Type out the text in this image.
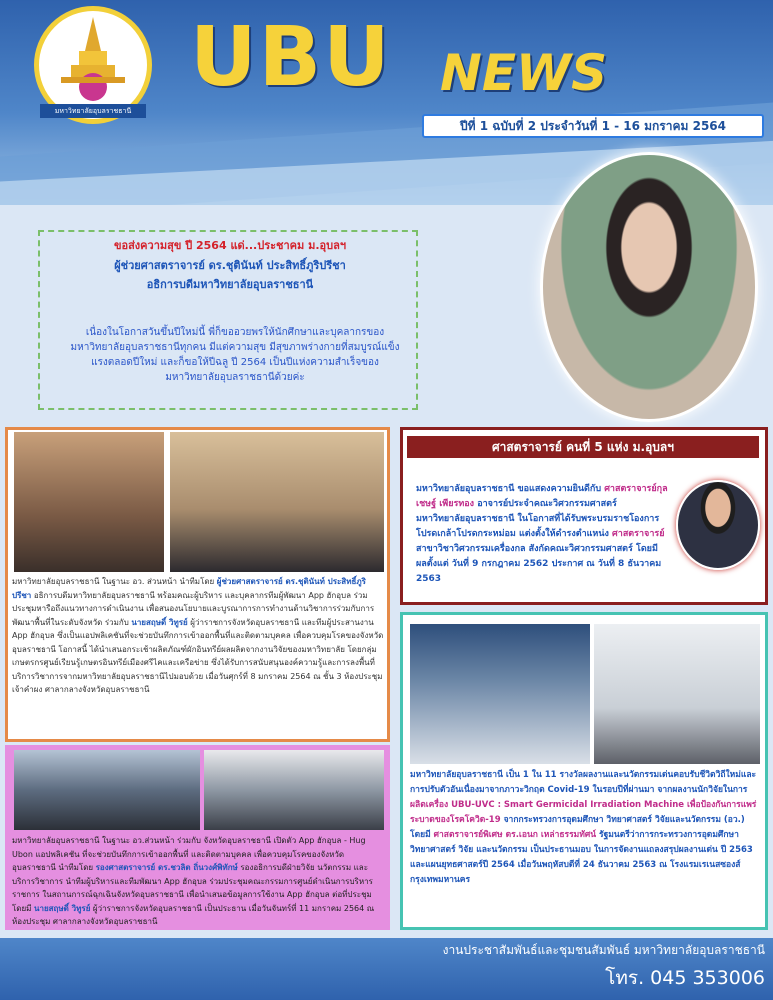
มหาวิทยาลัยอุบลราชธานี
UBU NEWS
ปีที่ 1 ฉบับที่ 2 ประจำวันที่ 1 - 16 มกราคม 2564
ขอส่งความสุข ปี 2564 แด่...ประชาคม ม.อุบลฯ
ผู้ช่วยศาสตราจารย์ ดร.ชุตินันท์ ประสิทธิ์ภูริปรีชา
อธิการบดีมหาวิทยาลัยอุบลราชธานี
เนื่องในโอกาสวันขึ้นปีใหม่นี้ พี่ก็ขออวยพรให้นักศึกษาและบุคลากรของมหาวิทยาลัยอุบลราชธานีทุกคน มีแต่ความสุข มีสุขภาพร่างกายที่สมบูรณ์แข็งแรงตลอดปีใหม่ และก็ขอให้ปีฉลู ปี 2564 เป็นปีแห่งความสำเร็จของมหาวิทยาลัยอุบลราชธานีด้วยค่ะ
มหาวิทยาลัยอุบลราชธานี ในฐานะ อว. ส่วนหน้า นำทีมโดย ผู้ช่วยศาสตราจารย์ ดร.ชุตินันท์ ประสิทธิ์ภูริปรีชา อธิการบดีมหาวิทยาลัยอุบลราชธานี พร้อมคณะผู้บริหาร และบุคลากรทีมผู้พัฒนา App ฮักอุบล ร่วมประชุมหารือถึงแนวทางการดำเนินงาน เพื่อสนองนโยบายและบูรณาการการทำงานด้านวิชาการร่วมกับการพัฒนาพื้นที่ในระดับจังหวัด ร่วมกับ นายสฤษดิ์ วิทูรย์ ผู้ว่าราชการจังหวัดอุบลราชธานี และทีมผู้ประสานงาน App ฮักอุบล ซึ่งเป็นแอปพลิเคชันที่จะช่วยบันทึกการเข้าออกพื้นที่และติดตามบุคคล เพื่อควบคุมโรคของจังหวัดอุบลราชธานี โอกาสนี้ ได้นำเสนอกระเช้าผลิตภัณฑ์ผักอินทรีย์ผลผลิตจากงานวิจัยของมหาวิทยาลัย โดยกลุ่มเกษตรกรศูนย์เรียนรู้เกษตรอินทรีย์เมืองศรีไคและเครือข่าย ซึ่งได้รับการสนับสนุนองค์ความรู้และการลงพื้นที่บริการวิชาการจากมหาวิทยาลัยอุบลราชธานีไปมอบด้วย เมื่อวันศุกร์ที่ 8 มกราคม 2564 ณ ชั้น 3 ห้องประชุมเจ้าคำผง ศาลากลางจังหวัดอุบลราชธานี
ศาสตราจารย์ คนที่ 5 แห่ง ม.อุบลฯ
มหาวิทยาลัยอุบลราชธานี ขอแสดงความยินดีกับ ศาสตราจารย์กุลเชษฐ์ เพียรทอง อาจารย์ประจำคณะวิศวกรรมศาสตร์ มหาวิทยาลัยอุบลราชธานี ในโอกาสที่ได้รับพระบรมราชโองการโปรดเกล้าโปรดกระหม่อม แต่งตั้งให้ดำรงตำแหน่ง ศาสตราจารย์ สาขาวิชาวิศวกรรมเครื่องกล สังกัดคณะวิศวกรรมศาสตร์ โดยมีผลตั้งแต่ วันที่ 9 กรกฎาคม 2562 ประกาศ ณ วันที่ 8 ธันวาคม 2563
มหาวิทยาลัยอุบลราชธานี เป็น 1 ใน 11 รางวัลผลงานและนวัตกรรมเด่นคอบรับชีวิตวิถีใหม่และการปรับตัวอันเนื่องมาจากภาวะวิกฤต Covid-19 ในรอบปีที่ผ่านมา จากผลงานนักวิจัยในการผลิตเครื่อง UBU-UVC : Smart Germicidal Irradiation Machine เพื่อป้องกันการแพร่ระบาดของโรคโควิด-19 จากกระทรวงการอุดมศึกษา วิทยาศาสตร์ วิจัยและนวัตกรรม (อว.) โดยมี ศาสตราจารย์พิเศษ ดร.เอนก เหล่าธรรมทัศน์ รัฐมนตรีว่าการกระทรวงการอุดมศึกษา วิทยาศาสตร์ วิจัย และนวัตกรรม เป็นประธานมอบ ในการจัดงานแถลงสรุปผลงานเด่น ปี 2563 และแผนยุทธศาสตร์ปี 2564 เมื่อวันพฤหัสบดีที่ 24 ธันวาคม 2563 ณ โรงแรมเรเนสซองส์ กรุงเทพมหานคร
มหาวิทยาลัยอุบลราชธานี ในฐานะ อว.ส่วนหน้า ร่วมกับ จังหวัดอุบลราชธานี เปิดตัว App ฮักอุบล - Hug Ubon แอปพลิเคชัน ที่จะช่วยบันทึกการเข้าออกพื้นที่ และติดตามบุคคล เพื่อควบคุมโรคของจังหวัดอุบลราชธานี นำทีมโดย รองศาสตราจารย์ ดร.ชวลิต ถิ่นวงศ์พิทักษ์ รองอธิการบดีฝ่ายวิจัย นวัตกรรม และบริการวิชาการ นำทีมผู้บริหารและทีมพัฒนา App ฮักอุบล ร่วมประชุมคณะกรรมการศูนย์ดำเนินการบริหารราชการ ในสถานการณ์ฉุกเฉินจังหวัดอุบลราชธานี เพื่อนำเสนอข้อมูลการใช้งาน App ฮักอุบล ต่อที่ประชุม โดยมี นายสฤษดิ์ วิทูรย์ ผู้ว่าราชการจังหวัดอุบลราชธานี เป็นประธาน เมื่อวันจันทร์ที่ 11 มกราคม 2564 ณ ห้องประชุม ศาลากลางจังหวัดอุบลราชธานี
งานประชาสัมพันธ์และชุมชนสัมพันธ์ มหาวิทยาลัยอุบลราชธานี
โทร. 045 353006
